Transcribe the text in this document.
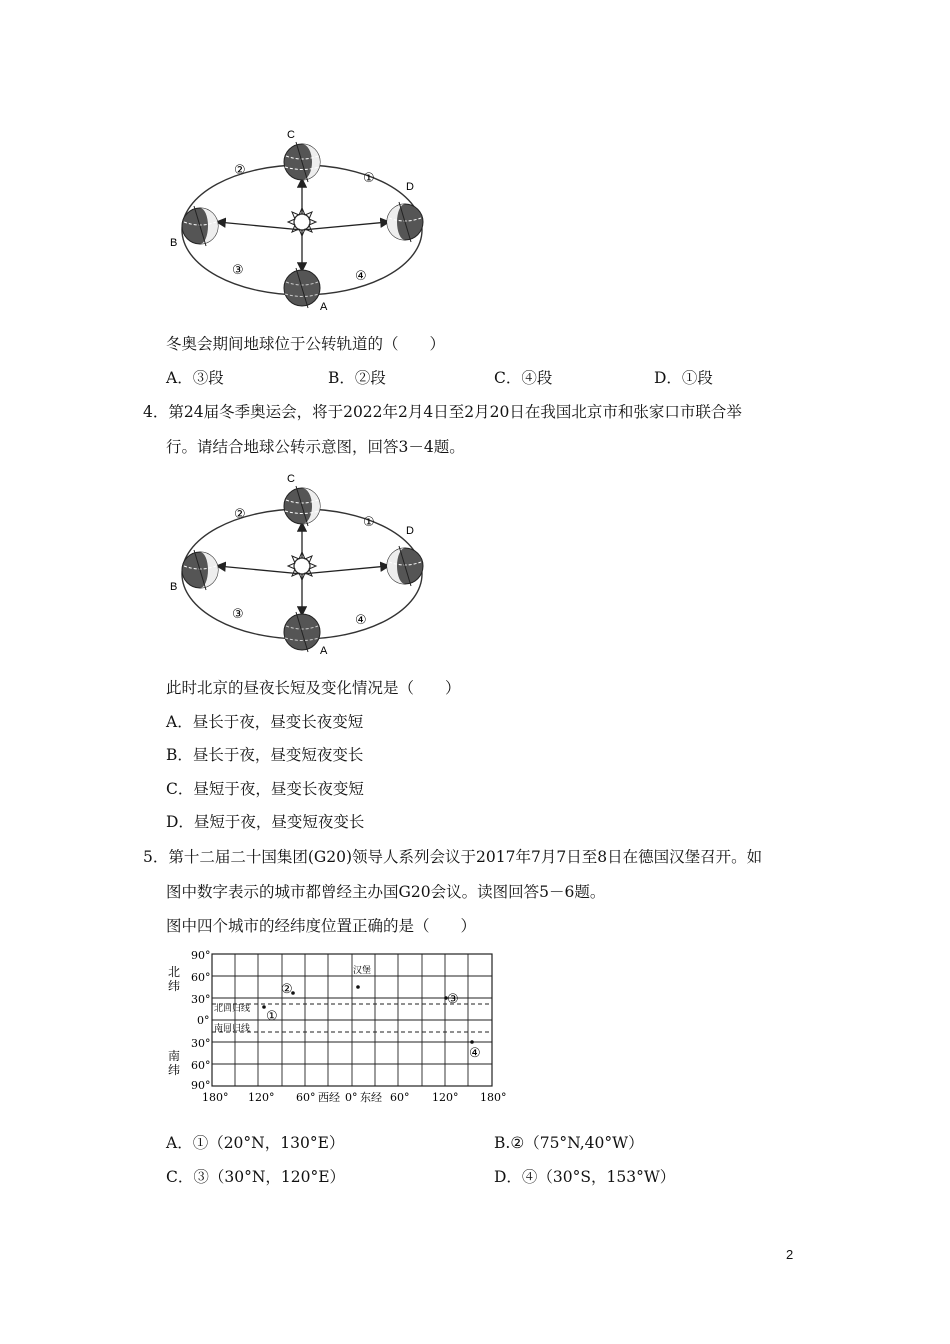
C
B
D
A
②
①
③	④
冬奥会期间地球位于公转轨道的（　　）
A．③段	B．②段	C．④段	D．①段
4．第24届冬季奥运会，将于2022年2月4日至2月20日在我国北京市和张家口市联合举
行。请结合地球公转示意图，回答3－4题。
C
B
D
A
②
①
③	④
此时北京的昼夜长短及变化情况是（　　）
A．昼长于夜，昼变长夜变短
B．昼长于夜，昼变短夜变长
C．昼短于夜，昼变长夜变短
D．昼短于夜，昼变短夜变长
5．第十二届二十国集团(G20)领导人系列会议于2017年7月7日至8日在德国汉堡召开。如
图中数字表示的城市都曾经主办国G20会议。读图回答5－6题。
图中四个城市的经纬度位置正确的是（　　）
北
纬
南
纬
90°
60°
30°
0°
30°
60°
90°
180° 120° 60° 西经 0° 东经 60° 120° 180°
北回归线
南回归线
①
②
汉堡
③
④
A．①（20°N，130°E）	B.②（75°N,40°W）
C．③（30°N，120°E）	D．④（30°S，153°W）
2
